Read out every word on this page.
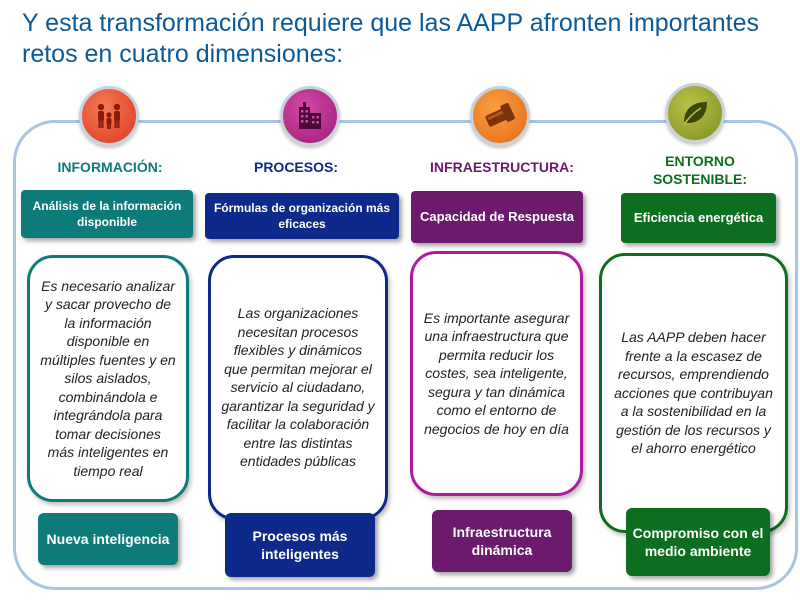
Y esta transformación requiere que las AAPP afronten importantes retos en cuatro dimensiones:
INFORMACIÓN:
Análisis de la información disponible
Es necesario analizar y sacar provecho de la información disponible en múltiples fuentes y en silos aislados, combinándola e integrándola para tomar decisiones más inteligentes en tiempo real
Nueva inteligencia
PROCESOS:
Fórmulas de organización más eficaces
Las organizaciones necesitan procesos flexibles y dinámicos que permitan mejorar el servicio al ciudadano, garantizar la seguridad y facilitar la colaboración entre las distintas entidades públicas
Procesos más inteligentes
INFRAESTRUCTURA:
Capacidad de Respuesta
Es importante asegurar una infraestructura que permita reducir los costes, sea inteligente, segura y tan dinámica como el entorno de negocios de hoy en día
Infraestructura dinámica
ENTORNO SOSTENIBLE:
Eficiencia energética
Las AAPP deben hacer frente a la escasez de recursos, emprendiendo acciones que contribuyan a la sostenibilidad en la gestión de los recursos y el ahorro energético
Compromiso con el medio ambiente
